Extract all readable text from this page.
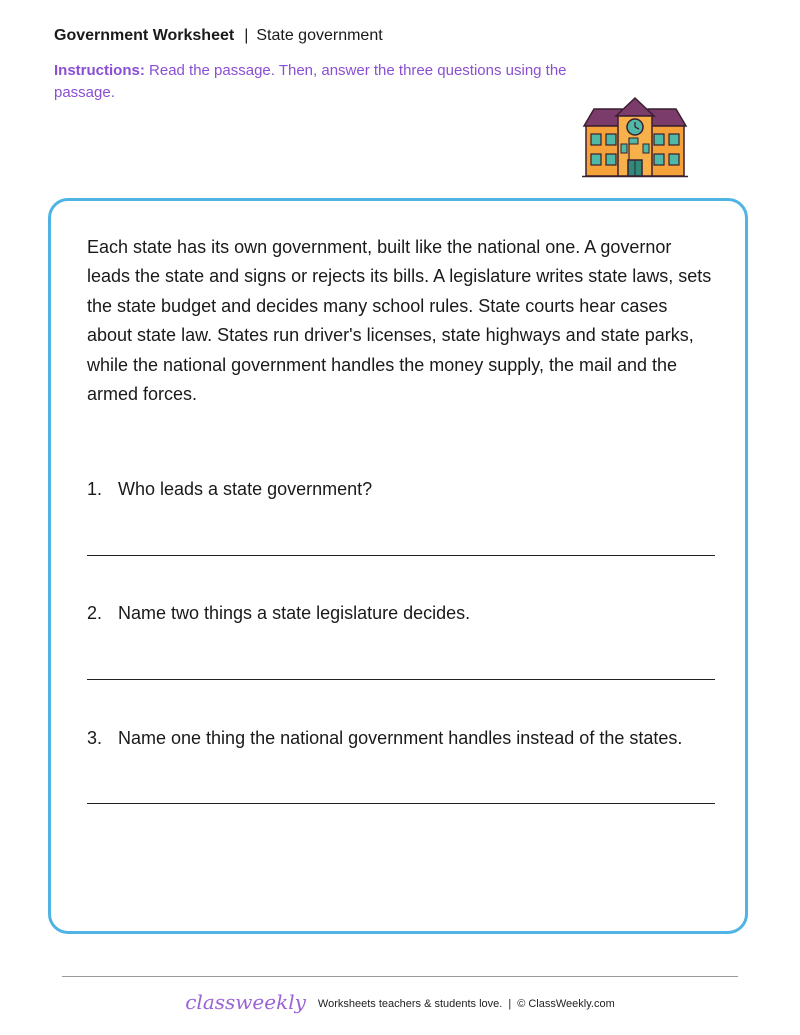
Government Worksheet | State government
Instructions: Read the passage. Then, answer the three questions using the passage.

Each state has its own government, built like the national one. A governor leads the state and signs or rejects its bills. A legislature writes state laws, sets the state budget and decides many school rules. State courts hear cases about state law. States run driver's licenses, state highways and state parks, while the national government handles the money supply, the mail and the armed forces.

1. Who leads a state government?
2. Name two things a state legislature decides.
3. Name one thing the national government handles instead of the states.
classweekly Worksheets teachers & students love. | © ClassWeekly.com
